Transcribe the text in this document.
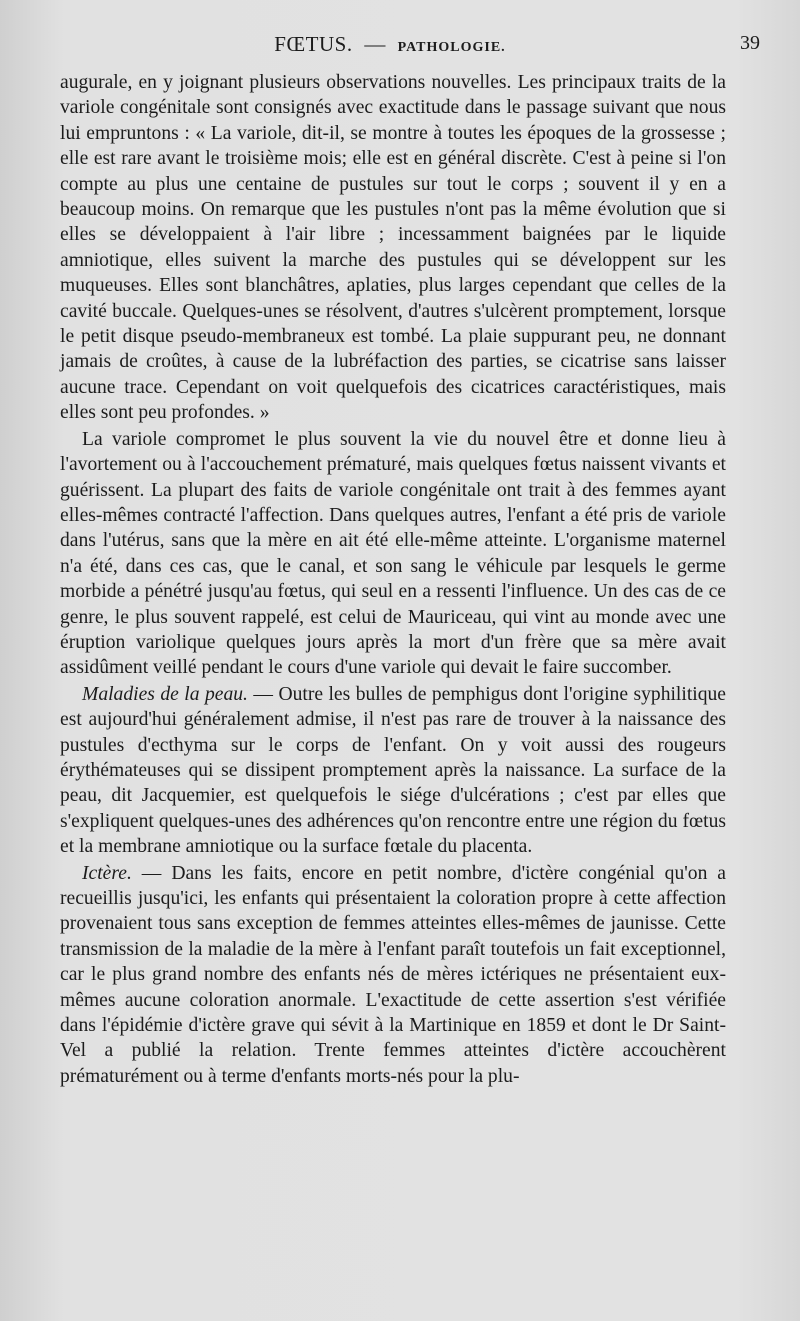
FŒTUS. — PATHOLOGIE.	39

augurale, en y joignant plusieurs observations nouvelles. Les principaux traits de la variole congénitale sont consignés avec exactitude dans le passage suivant que nous lui empruntons : « La variole, dit-il, se montre à toutes les époques de la grossesse ; elle est rare avant le troisième mois; elle est en général discrète. C'est à peine si l'on compte au plus une centaine de pustules sur tout le corps ; souvent il y en a beaucoup moins. On remarque que les pustules n'ont pas la même évolution que si elles se développaient à l'air libre ; incessamment baignées par le liquide amniotique, elles suivent la marche des pustules qui se développent sur les muqueuses. Elles sont blanchâtres, aplaties, plus larges cependant que celles de la cavité buccale. Quelques-unes se résolvent, d'autres s'ulcèrent promptement, lorsque le petit disque pseudo-membraneux est tombé. La plaie suppurant peu, ne donnant jamais de croûtes, à cause de la lubréfaction des parties, se cicatrise sans laisser aucune trace. Cependant on voit quelquefois des cicatrices caractéristiques, mais elles sont peu profondes. »

La variole compromet le plus souvent la vie du nouvel être et donne lieu à l'avortement ou à l'accouchement prématuré, mais quelques fœtus naissent vivants et guérissent. La plupart des faits de variole congénitale ont trait à des femmes ayant elles-mêmes contracté l'affection. Dans quelques autres, l'enfant a été pris de variole dans l'utérus, sans que la mère en ait été elle-même atteinte. L'organisme maternel n'a été, dans ces cas, que le canal, et son sang le véhicule par lesquels le germe morbide a pénétré jusqu'au fœtus, qui seul en a ressenti l'influence. Un des cas de ce genre, le plus souvent rappelé, est celui de Mauriceau, qui vint au monde avec une éruption variolique quelques jours après la mort d'un frère que sa mère avait assidûment veillé pendant le cours d'une variole qui devait le faire succomber.

Maladies de la peau. — Outre les bulles de pemphigus dont l'origine syphilitique est aujourd'hui généralement admise, il n'est pas rare de trouver à la naissance des pustules d'ecthyma sur le corps de l'enfant. On y voit aussi des rougeurs érythémateuses qui se dissipent promptement après la naissance. La surface de la peau, dit Jacquemier, est quelquefois le siége d'ulcérations ; c'est par elles que s'expliquent quelques-unes des adhérences qu'on rencontre entre une région du fœtus et la membrane amniotique ou la surface fœtale du placenta.

Ictère. — Dans les faits, encore en petit nombre, d'ictère congénial qu'on a recueillis jusqu'ici, les enfants qui présentaient la coloration propre à cette affection provenaient tous sans exception de femmes atteintes elles-mêmes de jaunisse. Cette transmission de la maladie de la mère à l'enfant paraît toutefois un fait exceptionnel, car le plus grand nombre des enfants nés de mères ictériques ne présentaient eux-mêmes aucune coloration anormale. L'exactitude de cette assertion s'est vérifiée dans l'épidémie d'ictère grave qui sévit à la Martinique en 1859 et dont le Dr Saint-Vel a publié la relation. Trente femmes atteintes d'ictère accouchèrent prématurément ou à terme d'enfants morts-nés pour la plu-
